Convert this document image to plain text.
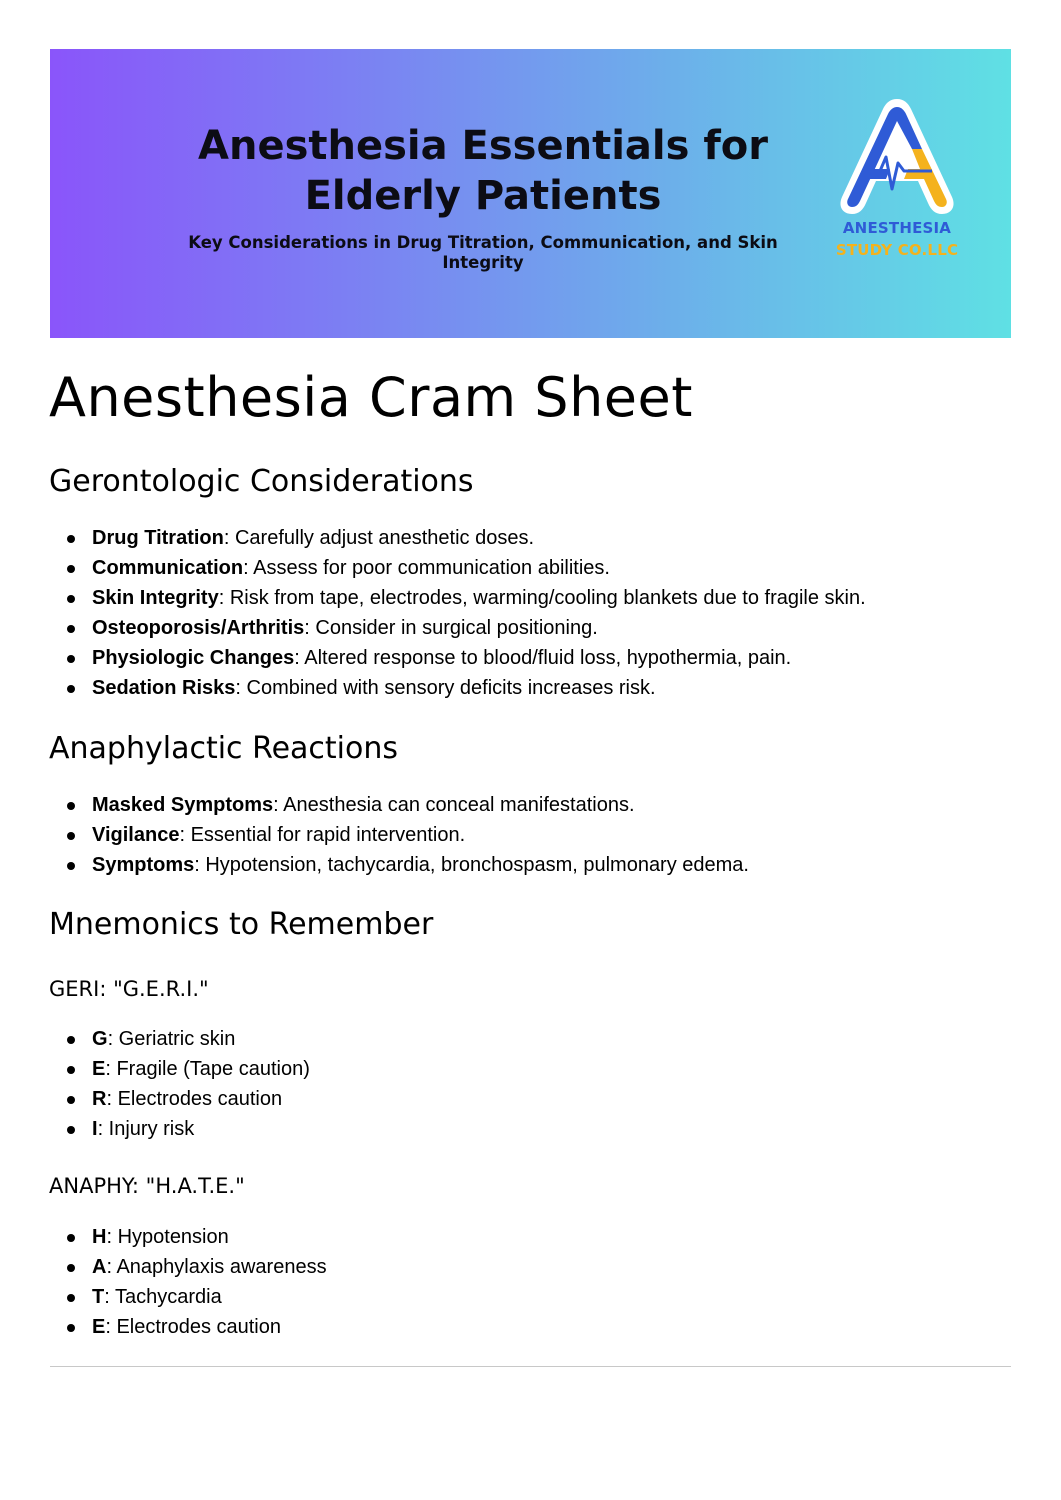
Anesthesia Essentials for
Elderly Patients

Key Considerations in Drug Titration, Communication, and Skin
Integrity

ANESTHESIA
STUDY CO.LLC
Anesthesia Cram Sheet
Gerontologic Considerations
Drug Titration: Carefully adjust anesthetic doses.
Communication: Assess for poor communication abilities.
Skin Integrity: Risk from tape, electrodes, warming/cooling blankets due to fragile skin.
Osteoporosis/Arthritis: Consider in surgical positioning.
Physiologic Changes: Altered response to blood/fluid loss, hypothermia, pain.
Sedation Risks: Combined with sensory deficits increases risk.
Anaphylactic Reactions
Masked Symptoms: Anesthesia can conceal manifestations.
Vigilance: Essential for rapid intervention.
Symptoms: Hypotension, tachycardia, bronchospasm, pulmonary edema.
Mnemonics to Remember
GERI: "G.E.R.I."
G: Geriatric skin
E: Fragile (Tape caution)
R: Electrodes caution
I: Injury risk
ANAPHY: "H.A.T.E."
H: Hypotension
A: Anaphylaxis awareness
T: Tachycardia
E: Electrodes caution
